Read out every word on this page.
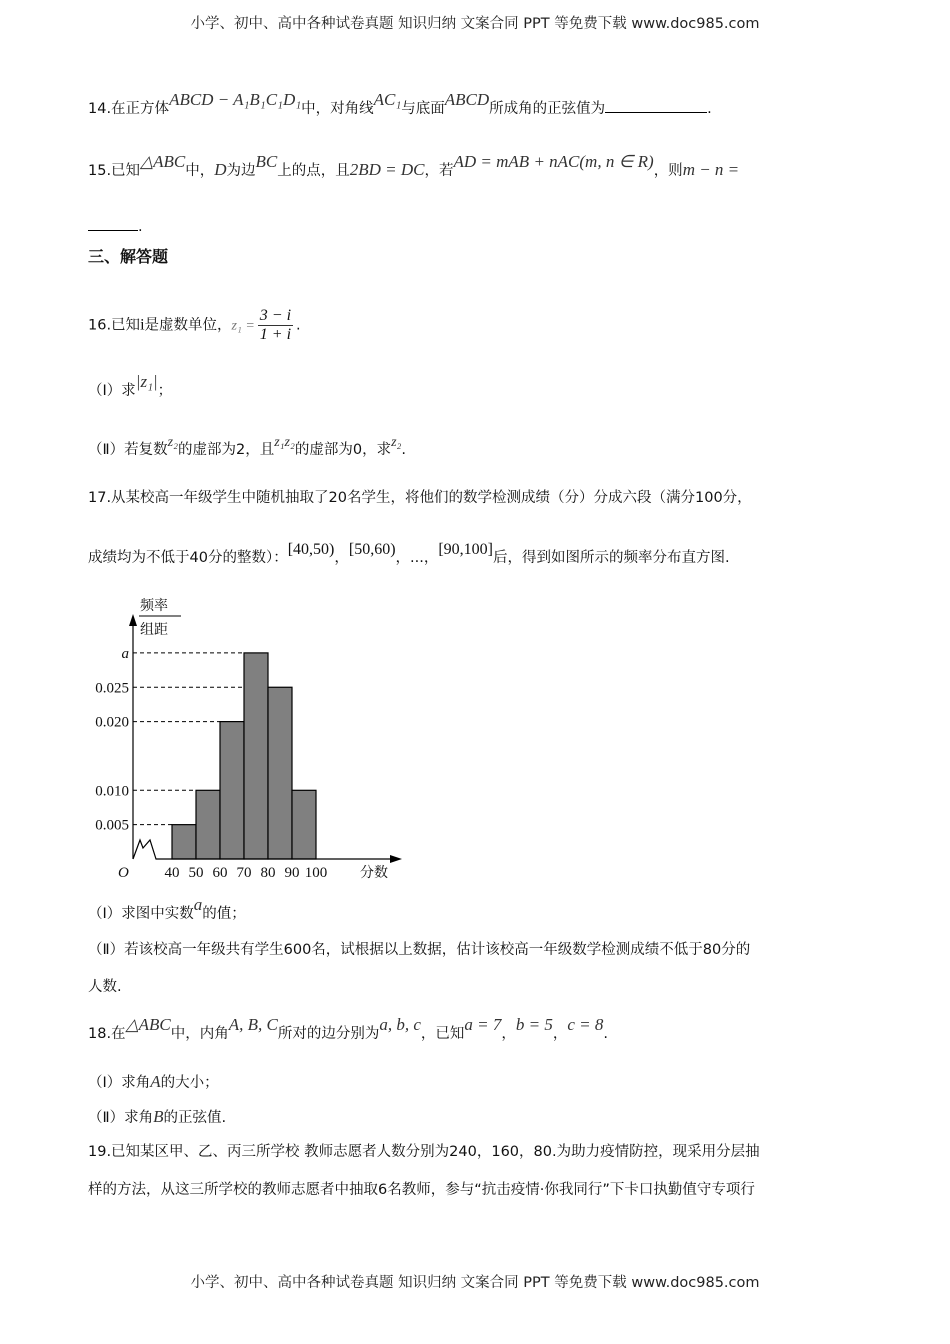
小学、初中、高中各种试卷真题 知识归纳 文案合同 PPT 等免费下载 www.doc985.com
14.在正方体ABCD − A₁B₁C₁D₁中，对角线AC₁与底面ABCD所成角的正弦值为	.
15.已知△ABC中，D为边BC上的点，且2BD = DC，若AD = mAB + nAC(m, n ∈ R)，则m − n =
.
三、解答题
16.已知i是虚数单位，$z_1 = \frac{3 - i}{1 + i}$ .
（Ⅰ）求|z₁|；
（Ⅱ）若复数z₂的虚部为2，且z₁z₂的虚部为0，求z₂.
17.从某校高一年级学生中随机抽取了20名学生，将他们的数学检测成绩（分）分成六段（满分100分，
成绩均为不低于40分的整数）：[40,50)，[50,60)，...，[90,100]后，得到如图所示的频率分布直方图.
频率
组距
O	分数
40 50 60 70 80 90 100
0.005
0.010
0.020
0.025
a
（Ⅰ）求图中实数a的值；
（Ⅱ）若该校高一年级共有学生600名，试根据以上数据，估计该校高一年级数学检测成绩不低于80分的
人数.
18.在△ABC中，内角A, B, C所对的边分别为a, b, c，已知a = 7，b = 5，c = 8.
（Ⅰ）求角A的大小；
（Ⅱ）求角B的正弦值.
19.已知某区甲、乙、丙三所学校 教师志愿者人数分别为240，160，80.为助力疫情防控，现采用分层抽
样的方法，从这三所学校的教师志愿者中抽取6名教师，参与“抗击疫情·你我同行”下卡口执勤值守专项行
小学、初中、高中各种试卷真题 知识归纳 文案合同 PPT 等免费下载 www.doc985.com
